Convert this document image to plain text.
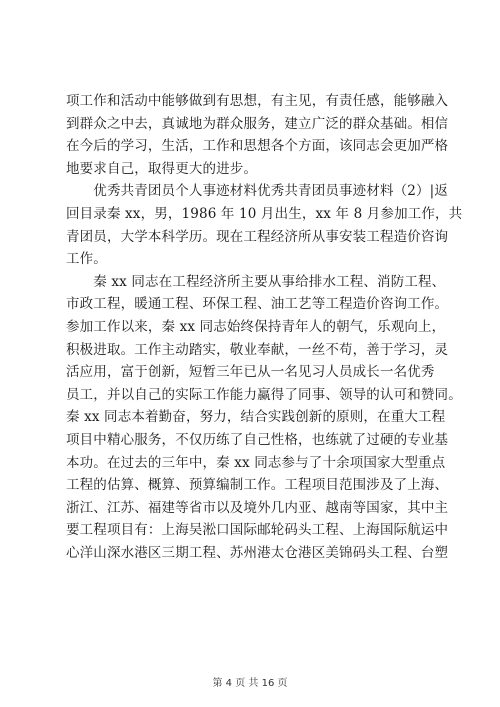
项工作和活动中能够做到有思想，有主见，有责任感，能够融入
到群众之中去，真诚地为群众服务，建立广泛的群众基础。相信
在今后的学习，生活，工作和思想各个方面，该同志会更加严格
地要求自己，取得更大的进步。
　　优秀共青团员个人事迹材料优秀共青团员事迹材料（2）|返
回目录秦 xx，男，1986 年 10 月出生，xx 年 8 月参加工作，共
青团员，大学本科学历。现在工程经济所从事安装工程造价咨询
工作。
　　秦 xx 同志在工程经济所主要从事给排水工程、消防工程、
市政工程，暖通工程、环保工程、油工艺等工程造价咨询工作。
参加工作以来，秦 xx 同志始终保持青年人的朝气，乐观向上，
积极进取。工作主动踏实，敬业奉献，一丝不苟，善于学习，灵
活应用，富于创新，短暂三年已从一名见习人员成长一名优秀
员工，并以自己的实际工作能力赢得了同事、领导的认可和赞同。
秦 xx 同志本着勤奋，努力，结合实践创新的原则，在重大工程
项目中精心服务，不仅历练了自己性格，也练就了过硬的专业基
本功。在过去的三年中，秦 xx 同志参与了十余项国家大型重点
工程的估算、概算、预算编制工作。工程项目范围涉及了上海、
浙江、江苏、福建等省市以及境外几内亚、越南等国家，其中主
要工程项目有：上海吴淞口国际邮轮码头工程、上海国际航运中
心洋山深水港区三期工程、苏州港太仓港区美锦码头工程、台塑
第 4 页 共 16 页
